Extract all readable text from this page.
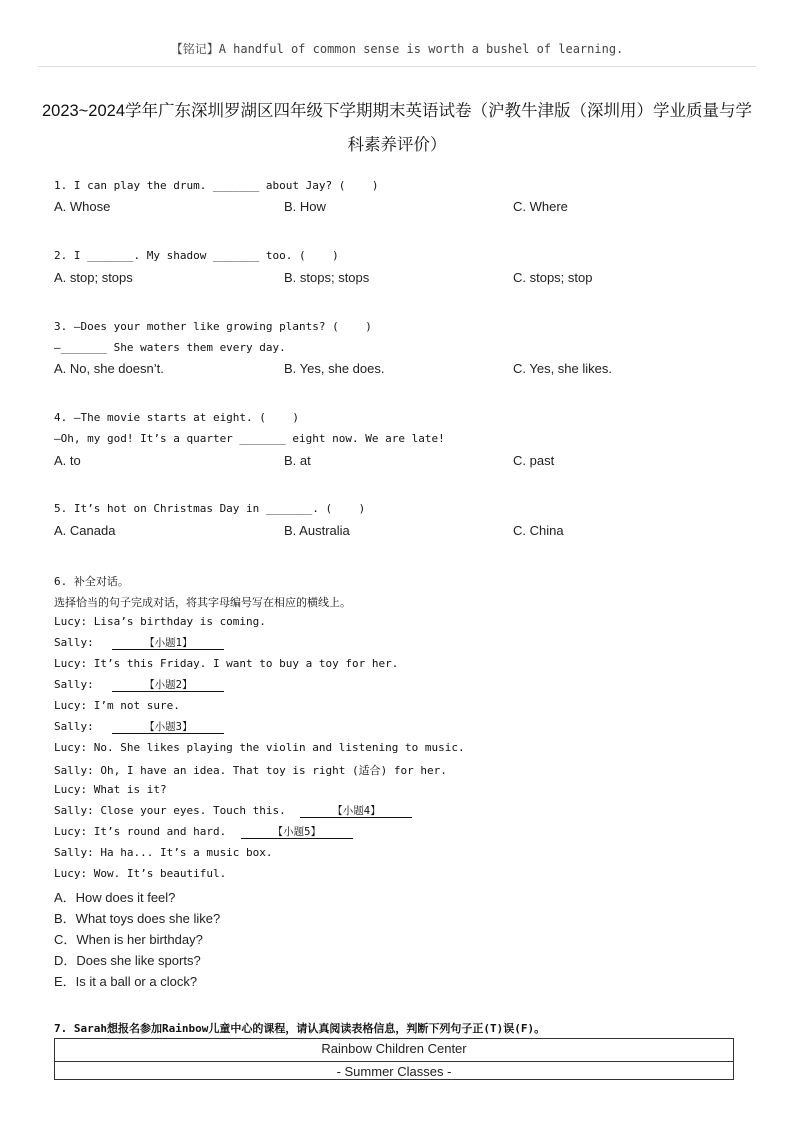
【铭记】A handful of common sense is worth a bushel of learning.
2023~2024学年广东深圳罗湖区四年级下学期期末英语试卷（沪教牛津版（深圳用）学业质量与学
科素养评价）
1. I can play the drum. _______ about Jay? (    )
A. Whose	B. How	C. Where
2. I _______. My shadow _______ too. (    )
A. stop; stops	B. stops; stops	C. stops; stop
3. —Does your mother like growing plants? (    )
—_______ She waters them every day.
A. No, she doesn’t.	B. Yes, she does.	C. Yes, she likes.
4. —The movie starts at eight. (    )
—Oh, my god! It’s a quarter _______ eight now. We are late!
A. to	B. at	C. past
5. It’s hot on Christmas Day in _______. (    )
A. Canada	B. Australia	C. China
6. 补全对话。
选择恰当的句子完成对话，将其字母编号写在相应的横线上。
Lucy: Lisa’s birthday is coming.
Sally:	【小题1】
Lucy: It’s this Friday. I want to buy a toy for her.
Sally:	【小题2】
Lucy: I’m not sure.
Sally:	【小题3】
Lucy: No. She likes playing the violin and listening to music.
Sally: Oh, I have an idea. That toy is right (适合) for her.
Lucy: What is it?
Sally: Close your eyes. Touch this.	【小题4】
Lucy: It’s round and hard.	【小题5】
Sally: Ha ha... It’s a music box.
Lucy: Wow. It’s beautiful.
A．How does it feel?
B．What toys does she like?
C．When is her birthday?
D．Does she like sports?
E．Is it a ball or a clock?
7. Sarah想报名参加Rainbow儿童中心的课程，请认真阅读表格信息，判断下列句子正(T)误(F)。
Rainbow Children Center
- Summer Classes -
